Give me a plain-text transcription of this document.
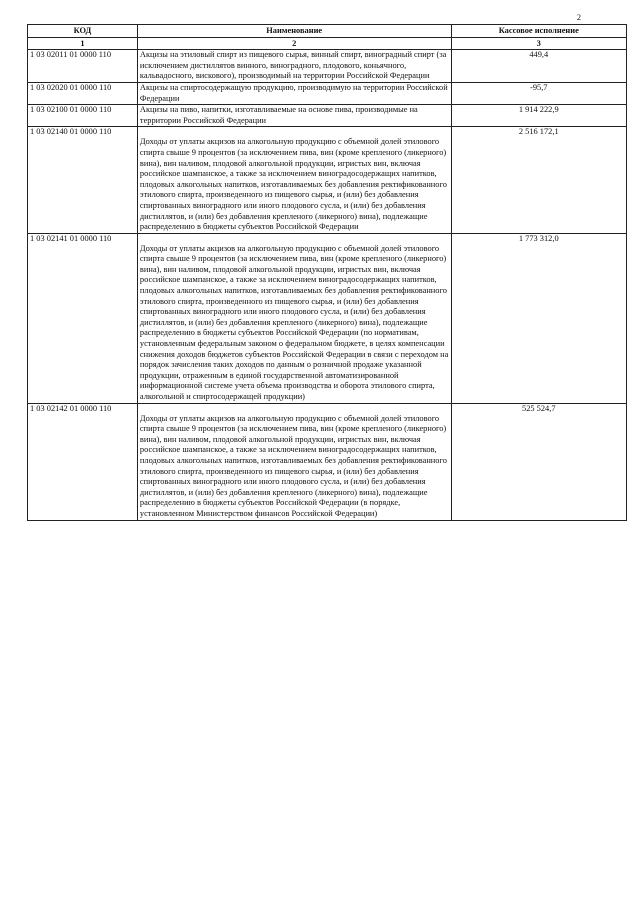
2
КОД	Наименование	Кассовое исполнение
1	2	3
1 03 02011 01 0000 110	Акцизы на этиловый спирт из пищевого сырья, винный спирт, виноградный спирт (за исключением дистиллятов винного, виноградного, плодового, коньячного, кальвадосного, вискового), производимый на территории Российской Федерации	449,4
1 03 02020 01 0000 110	Акцизы на спиртосодержащую продукцию, производимую на территории Российской Федерации	-95,7
1 03 02100 01 0000 110	Акцизы на пиво, напитки, изготавливаемые на основе пива, производимые на территории Российской Федерации	1 914 222,9
1 03 02140 01 0000 110	Доходы от уплаты акцизов на алкогольную продукцию с объемной долей этилового спирта свыше 9 процентов (за исключением пива, вин (кроме крепленого (ликерного) вина), вин наливом, плодовой алкогольной продукции, игристых вин, включая российское шампанское, а также за исключением виноградосодержащих напитков, плодовых алкогольных напитков, изготавливаемых без добавления ректификованного этилового спирта, произведенного из пищевого сырья, и (или) без добавления спиртованных виноградного или иного плодового сусла, и (или) без добавления дистиллятов, и (или) без добавления крепленого (ликерного) вина), подлежащие распределению в бюджеты субъектов Российской Федерации	2 516 172,1
1 03 02141 01 0000 110	Доходы от уплаты акцизов на алкогольную продукцию с объемной долей этилового спирта свыше 9 процентов (за исключением пива, вин (кроме крепленого (ликерного) вина), вин наливом, плодовой алкогольной продукции, игристых вин, включая российское шампанское, а также за исключением виноградосодержащих напитков, плодовых алкогольных напитков, изготавливаемых без добавления ректификованного этилового спирта, произведенного из пищевого сырья, и (или) без добавления спиртованных виноградного или иного плодового сусла, и (или) без добавления дистиллятов, и (или) без добавления крепленого (ликерного) вина), подлежащие распределению в бюджеты субъектов Российской Федерации (по нормативам, установленным федеральным законом о федеральном бюджете, в целях компенсации снижения доходов бюджетов субъектов Российской Федерации в связи с переходом на порядок зачисления таких доходов по данным о розничной продаже указанной продукции, отраженным в единой государственной автоматизированной информационной системе учета объема производства и оборота этилового спирта, алкогольной и спиртосодержащей продукции)	1 773 312,0
1 03 02142 01 0000 110	Доходы от уплаты акцизов на алкогольную продукцию с объемной долей этилового спирта свыше 9 процентов (за исключением пива, вин (кроме крепленого (ликерного) вина), вин наливом, плодовой алкогольной продукции, игристых вин, включая российское шампанское, а также за исключением виноградосодержащих напитков, плодовых алкогольных напитков, изготавливаемых без добавления ректификованного этилового спирта, произведенного из пищевого сырья, и (или) без добавления спиртованных виноградного или иного плодового сусла, и (или) без добавления дистиллятов, и (или) без добавления крепленого (ликерного) вина), подлежащие распределению в бюджеты субъектов Российской Федерации (в порядке, установленном Министерством финансов Российской Федерации)	525 524,7
